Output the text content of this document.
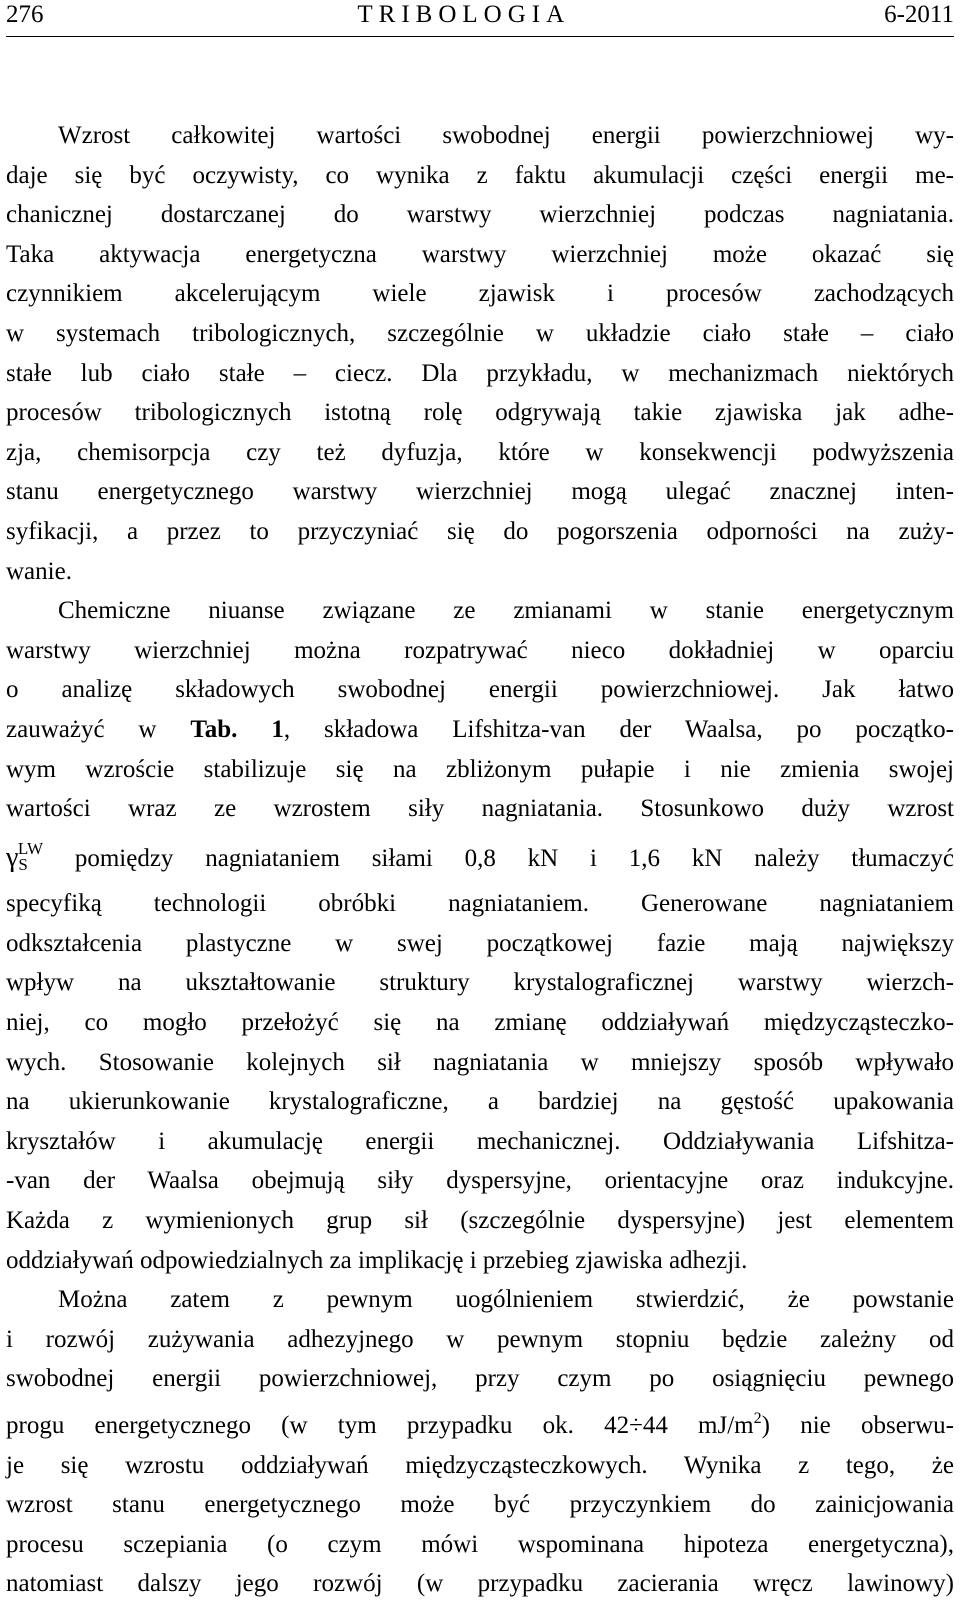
276	TRIBOLOGIA	6-2011
Wzrost całkowitej wartości swobodnej energii powierzchniowej wy-
daje się być oczywisty, co wynika z faktu akumulacji części energii me-
chanicznej dostarczanej do warstwy wierzchniej podczas nagniatania.
Taka aktywacja energetyczna warstwy wierzchniej może okazać się
czynnikiem akcelerującym wiele zjawisk i procesów zachodzących
w systemach tribologicznych, szczególnie w układzie ciało stałe – ciało
stałe lub ciało stałe – ciecz. Dla przykładu, w mechanizmach niektórych
procesów tribologicznych istotną rolę odgrywają takie zjawiska jak adhe-
zja, chemisorpcja czy też dyfuzja, które w konsekwencji podwyższenia
stanu energetycznego warstwy wierzchniej mogą ulegać znacznej inten-
syfikacji, a przez to przyczyniać się do pogorszenia odporności na zuży-
wanie.
Chemiczne niuanse związane ze zmianami w stanie energetycznym
warstwy wierzchniej można rozpatrywać nieco dokładniej w oparciu
o analizę składowych swobodnej energii powierzchniowej. Jak łatwo
zauważyć w Tab. 1, składowa Lifshitza-van der Waalsa, po początko-
wym wzroście stabilizuje się na zbliżonym pułapie i nie zmienia swojej
wartości wraz ze wzrostem siły nagniatania. Stosunkowo duży wzrost
$\gamma_S^{LW}$ pomiędzy nagniataniem siłami 0,8 kN i 1,6 kN należy tłumaczyć
specyfiką technologii obróbki nagniataniem. Generowane nagniataniem
odkształcenia plastyczne w swej początkowej fazie mają największy
wpływ na ukształtowanie struktury krystalograficznej warstwy wierzch-
niej, co mogło przełożyć się na zmianę oddziaływań międzycząsteczko-
wych. Stosowanie kolejnych sił nagniatania w mniejszy sposób wpływało
na ukierunkowanie krystalograficzne, a bardziej na gęstość upakowania
kryształów i akumulację energii mechanicznej. Oddziaływania Lifshitza-
-van der Waalsa obejmują siły dyspersyjne, orientacyjne oraz indukcyjne.
Każda z wymienionych grup sił (szczególnie dyspersyjne) jest elementem
oddziaływań odpowiedzialnych za implikację i przebieg zjawiska adhezji.
Można zatem z pewnym uogólnieniem stwierdzić, że powstanie
i rozwój zużywania adhezyjnego w pewnym stopniu będzie zależny od
swobodnej energii powierzchniowej, przy czym po osiągnięciu pewnego
progu energetycznego (w tym przypadku ok. 42÷44 $mJ/m^2$) nie obserwu-
je się wzrostu oddziaływań międzycząsteczkowych. Wynika z tego, że
wzrost stanu energetycznego może być przyczynkiem do zainicjowania
procesu sczepiania (o czym mówi wspominana hipoteza energetyczna),
natomiast dalszy jego rozwój (w przypadku zacierania wręcz lawinowy)
